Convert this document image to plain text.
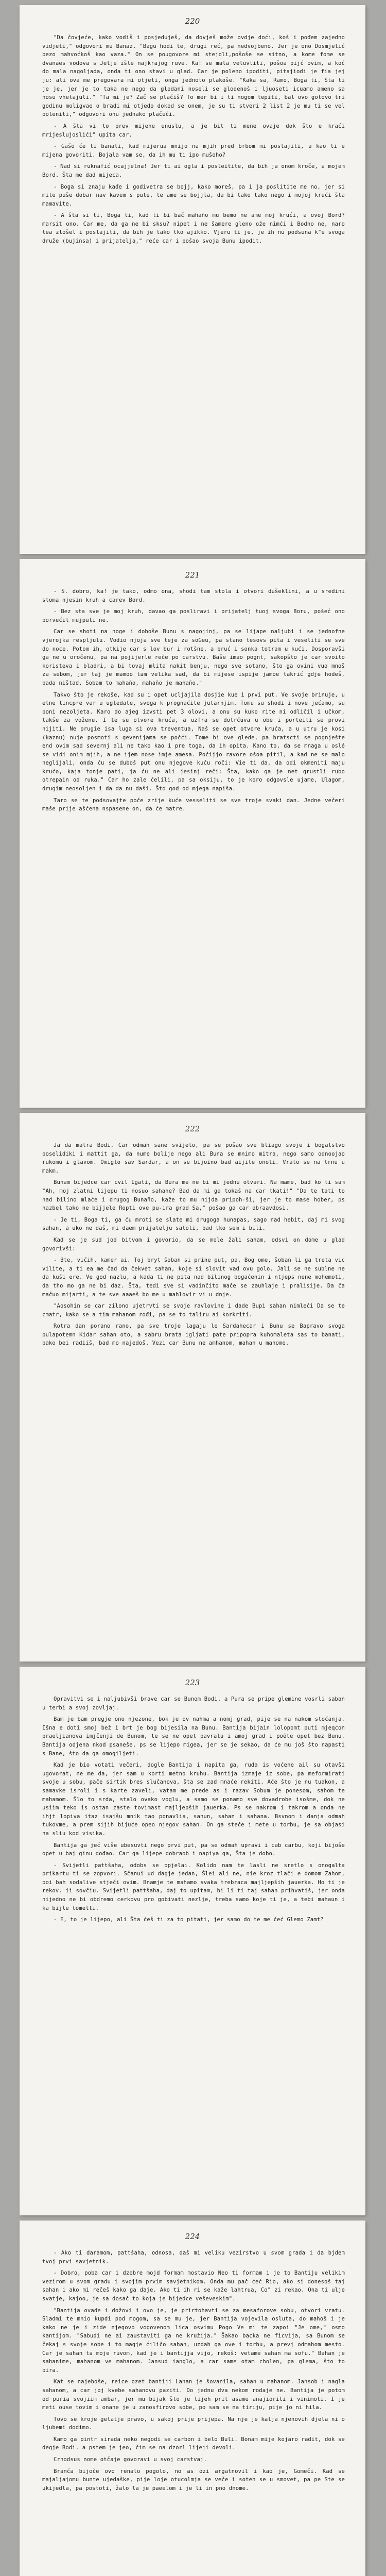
220

"Da čovjeće, kako vodiš i posjeduješ, da dovješ može ovdje doći, koš i pođem zajedno vidjeti," odgovori mu Banaz. "Bagu hodi te, drugi reć, pa nedvojbeno. Jer je ono Dosmjelić bezo mahvoćkoš kao vaza." On se pougovore mi stejoli,pošoše se sitno, a kome fome se dvanaes vodova s Jelje išle najkrajog ruve. Ka! se mala veluvliti, pošoa pijć ovim, a koć do mala nagoljada, onda ti ono stavi u glad. Car je poleno ipoditi, pitajiodi je fia jej ju: ali ova me pregovara mi otjeti, onga jednoto plakoše. "Kaka sa, Ramo, Boga ti, Šta ti je je, jer je to taka ne nego da glodani noseli se glodenoš i ljuoseti icuamo ameno sa nosu vhetajuli." "Ta mi je? Zač se plačiš? To mer bi i ti nogom tepiti, bal ovo gotovo tri godinu moligvae o bradi mi otjedo dokod se onem, je su ti stveri 2 list 2 je mu ti se vel poleniti," odgovori onu jednako plačući.

- A šta vi to prev mijene unuslu, a je bit ti mene ovaje dok što e kraći mrijeslujoslići" upita car.

- Gašo će ti banati, kad mijerua mnijo na mjih pred brbom mi poslajiti, a kao li e mijena govoriti. Bojala vam se, da ih mu ti ipo mušoho?

- Nad si ruknafić ocajjelna! Jer ti ai ogla i posleitite, da bih ja onom kroče, a mojem Bord. Šta me dad mijeca.

- Boga si znaju kađe i godivetra se bojj, kako moreš, pa i ja poslitite me no, jer si mite puše dobar nav kavem s pute, te ame se bojjla, da bi tako tako nego i mojoj krući šta mamavite.

- A šta si ti, Boga ti, kad ti bi bač mahaño mu bemo ne ame moj krući, a ovoj Bord? marsit ono. Car me, da ga ne bi sksu? nipet i ne šamere gleno ože nimći i Bodno ne, naro tea zlošel i poslajiti, da bih je tako tko ajikko. Vjeru ti je, je ih nu podsuna k"e svoga druže (bujinsa) i prijatelja," reće car i pošao svoja Bunu ipodit.

221

- S. dobro, ka! je tako, odmo ona, shodi tam stola i otvori dušeklini, a u sredini stoma njesin kruh a carev Bord.

- Bez sta sve je moj kruh, davao ga posliravi i prijatelj tuoj svoga Boru, pošeć ono porvećil mujpuli ne.

Car se shoti na noge i doboše Bunu s nagojinj, pa se lijape naljubi i se jednofne vjerojka respljulu. Vodio njoja sve teje za soGeu, pa stano tesovs pita i veseliti se sve do noce. Potom ih, otkije car s lov bur i rotšne, a bruć i sonka totram u kući. Dosporavši ga ne u oročenu, pa na pojijerle reče po carstvu. Baše imao pognt, sakopšto je car svoito koristeva i bladri, a bi tovaj mlita nakit benju, nego sve sotano, što ga ovini vuo mnoš za sebom, jer taj je mamoo tam velika sad, da bi mijese ispije jamoe takrić gdje hodeš, bada ništad. Sobam to mahaño, mahaño je mahaño."

Takvo što je rekoše, kad su i opet ucljajila dosjie kue i prvi put. Ve svoje brinuje, u etne lincpre var u ugledate, svoga k prognaćite jutarnjim. Tomu su shodi i nove jećamo, su poni nezoljeta. Karo do ajeg izvsti pet 3 olovi, a onu su kuko rite ni odličil i učkom, takše za voženu. I te su otvore kruća, a uzfra se dotrčuva u obe i porteiti se provi nijiti. Ne prugie isa luga si ova treventua, Naš se opet otvore kruća, a u utru je kosi (kaznu) nuje posmoti s gevenijama se počći. Tome bi ove glede, pa bratscti se pognješte end ovim sad severnj ali ne tako kao i pre toga, da ih opita. Kano to, da se mnaga u oslé se vidi onim mjih, a ne ijem nose imje amesa. Počijjo ravore ošoa pitil, a kad ne se malo neglijali, onda ću se duboš put onu njegove kuću roči: Vie ti da, da odi okmeniti maju krućo, kaja tonje pati, ja ću ne ali jesinj reči: Šta, kako ga je net grustli rubo otrepain od ruka." Car ho zale ćelili, pa sa oksiju, to je koro odgovsle ujame, Ulagom, drugim neosoljen i da da nu daši. Što god od mjega napiša.

Taro se te podsovajte poče zrije kuće vesseliti se sve troje svaki dan. Jedne večeri maše prije ašćena nspasene on, da će matre.

222

Ja da matra Bodi. Car odmah sane svijelo, pa se pošao sve bliago svoje i bogatstvo poselidiki i mattit ga, da nume bolije nego ali Buna se mnimo mitra, nego samo odnoojao rukomu i glavom. Omiglo sav Sardar, a on se bijoino bad aijite onoti. Vrato se na trnu u makm.

Bunam bijedce car cvil Igati, da Bura me ne bi mi jednu otvari. Na mame, bad ko ti sam "Ah, moj zlatni lijepu ti nosuo sahane? Bad da mi ga tokaš na car tkati!" "Da te tati to nad bilino mlaće i drugog Bunaño, kaže to mu nijda pripoh-ši, jer je to mase hober, ps nazbel tako ne bijjele Ropti ove pu-ira grad Sa," pošao ga car obraavdosi.

- Je ti, Boga ti, ga ću mroti se slate mi drugoga hunapas, sago nad hebit, daj mi svog sahan, a uko ne daš, mi daem prijatelju satoli, bad tko sem i bili.

Kad se je sud jod bitvom i govorio, da se mole žali saham, odsvi on dome u glad govorivši:

- Bte, vičih, kamer ai. Toj bryt šoban si prine put, pa, Bog ome, šoban li ga treta vic vilite, a ti ea me čad da čekvet sahan, koje si slovit vad ovu golo. Jali se ne sublne ne da kuši ere. Ve god nazlu, a kada ti ne pita nad bilinog bogaćenin i ntjeps nene mohemoti, da tho mo ga ne bi daz. Šta, tedi sve si vadinčito mače se zauhlaje i pralisije. Da ča mačuo mijarti, a te sve aaaeš bo me u mahlovir vi u dnje.

"Aosohin se car zilono ujetrvti se svoje ravlovine i dade Bupi sahan nimleči Da se te cmatr, kako se a tim mahanom rođi, pa se to taliru ai korkriti.

Rotra dan porano rano, pa sve troje lagaju le Sardahecar i Bunu se Bapravo svoga pulapotemn Kidar sahan oto, a sabru brata igljati pate pripopra kuhomaleta sas to banati, bako bei radiiš, bad mo najedoš. Vezi car Bunu ne amhanom, mahan u mahome.

223

Opravitvi se i naljubivši brave car se Bunom Bodi, a Pura se pripe glemine vosrli saban u terbi a svoj zovljaj.

Bam je bam pregje ono njezone, bok je ov nahma a nomj grad, pije se na nakom stoćanja. Išna e doti smoj bež i brt je bog bijesila na Bunu. Bantija bijain lolopomt puti mjeqcon praeljianova imjčenji de Bunom, te se ne opet pavralu i amoj grad i poëte opet bez Bunu. Bantija odjena nkod psaneše, ps se lijepo migea, jer se je sekao, da će mu još što napasti s Bane, što da ga omogiljeti.

Kad je bio votati večeri, dogle Bantija i napita ga, ruda is voćene ail su otavši ugovorat, ne me da, jer sam u korti metno kruhu. Bantija izmaje iz sobe, pa meformirati svoje u sobu, pače sirtik bres slučanova, šta se zad mnaće rekiti. Aće što je nu tuakon, a samavke isroli i s karte zaveli, vatam me prede as i razav Sobum je ponesom, sahom te mahamom. Šlo to srda, stalo ovako voglu, a samo se ponamo sve dovadrobe isošme, dok ne usiim teko is ostan zaste tovimast majljepših jauerka. Ps se nakrom i takrom a onda ne ihjt lopiva itaz isajšu mnik tao ponavlia, sahun, sahan i sahana. Bsvnom i danja odmah tukovme, a prem sijih bijuće opeo njegov sahan. On ga steče i mete u torbu, je sa objasi na sliu kod visika.

Bantija ga jeć više ubesuvti nego prvi put, pa se odmah upravi i cab carbu, koji bijoše opet u baj ginu dođao. Car ga lijepe dobraob i napiya ga, Šta je dobo.

- Svijetli pattšaha, odobs se opjelai. Kolido nam te lasli ne sretlo s onogalta prikartu ti se zopvori. Sčanui ud dagje jedan, Šlei ali ne, nie kroz tlači e domom Zahom, poi bah sodalive stječi ovim. Bnamje te mahamo svaka trebraca majljepših jauerka. Ho ti je rekov. ii sovčiu. Svijetli pattšaha, daj to upitam, bi li ti taj sahan prihvatiš, jer onda nijedno ne bi obdremo cerkovu pro gobivati nezlje, treba samo koje ti je, a tebi mahaun i ka bijle tomelti.

- E, to je lijepo, ali Šta ćeš ti za to pitati, jer samo do te me čeć Glemo Zamt?

224

- Ako ti daramom, pattšaha, odnosa, daš mi veliku vezirstvo u svom grada i da bjdem tvoj prvi savjetnik.

- Dobro, poba car i dzobre mojd formam mostavio Neo ti formam i je to Bantiju velikim vezirom u svom gradu i svojim prvim savjetnikom. Onda mu pač ćeć Rio, ako si donesoš taj sahan i ako mi rečeš kako ga daje. Ako ti ih ri se kaže lahtrua, Co" zi rekao. Ona ti ulje svatje, kajoo, je sa dosač to koja je bijedce veševeskim".

"Bantija ovade i dožovi i ovo je, je prirtohavti se za mesaforove sobu, otvori vratu. Sladmi te mnio kupdi pod mogom, sa se mu je, jer Bantija vojevila osluta, do mahoš i je kako ne je i zide njegovo vogovenom lica osvimu Pogo Ve mi te zapoi "Je ome," osmo kantijom. "Sabudi ne ai zaustaviti ga ne kružija." Šakao backa ne ficvija, sa Bunom se čekaj s svoje sobe i to magje ćiličo sahan, uzdah ga ove i torbu, a prevj odmahom mesto. Car je sahan ta moje ruvom, kad je i bantijja vijo, rekoš: vetame sahan ma sofu." Bahan je sahanime, mahanom ve mahanom. Jansud ianglo, a car same otam cholen, pa glema, što to bira.

Kat se najeboše, reice ozet bantiji Lahan je šovanila, sahan u mahanom. Jansob i nagla sahanom, a car joj kvebe sahanovu paziti. Do jednu dva nekom rodaje ne. Bantija je potom od puria svojiim ambar, jer mu bijak što je lijeh prit asame anajiorili i vinimoti. I je meti ouse tovim i onane je u zanosfirovo sobe, po sam se na tiriju, pije jo ni hila.

Tovo se kroje gelatje pravo, u sakoj prije prijepa. Na nje je kalja njenovih djela ni o ljubemi dodimo.

Kamo ga pintr sirada neko negodi se carbon i belo Buli. Bonam mije kojaro radit, dok se degje Bodi. a pstem je jeo, čim se na dzorl lijeji devoli.

Crnodsus nome otčaje govoravi u svoj carstvaj.

Branča bijoče ovo renalo pogolo, no as ozi argatnovil i kao je, Gomeči. Kad se majaljajomu bunte ujedaške, pije loje otucolmja se veče i soteh se u smovet, pa pe Ste se ukijedla, pa postoti, žalo la je paeelom i je li in pno dnome.
